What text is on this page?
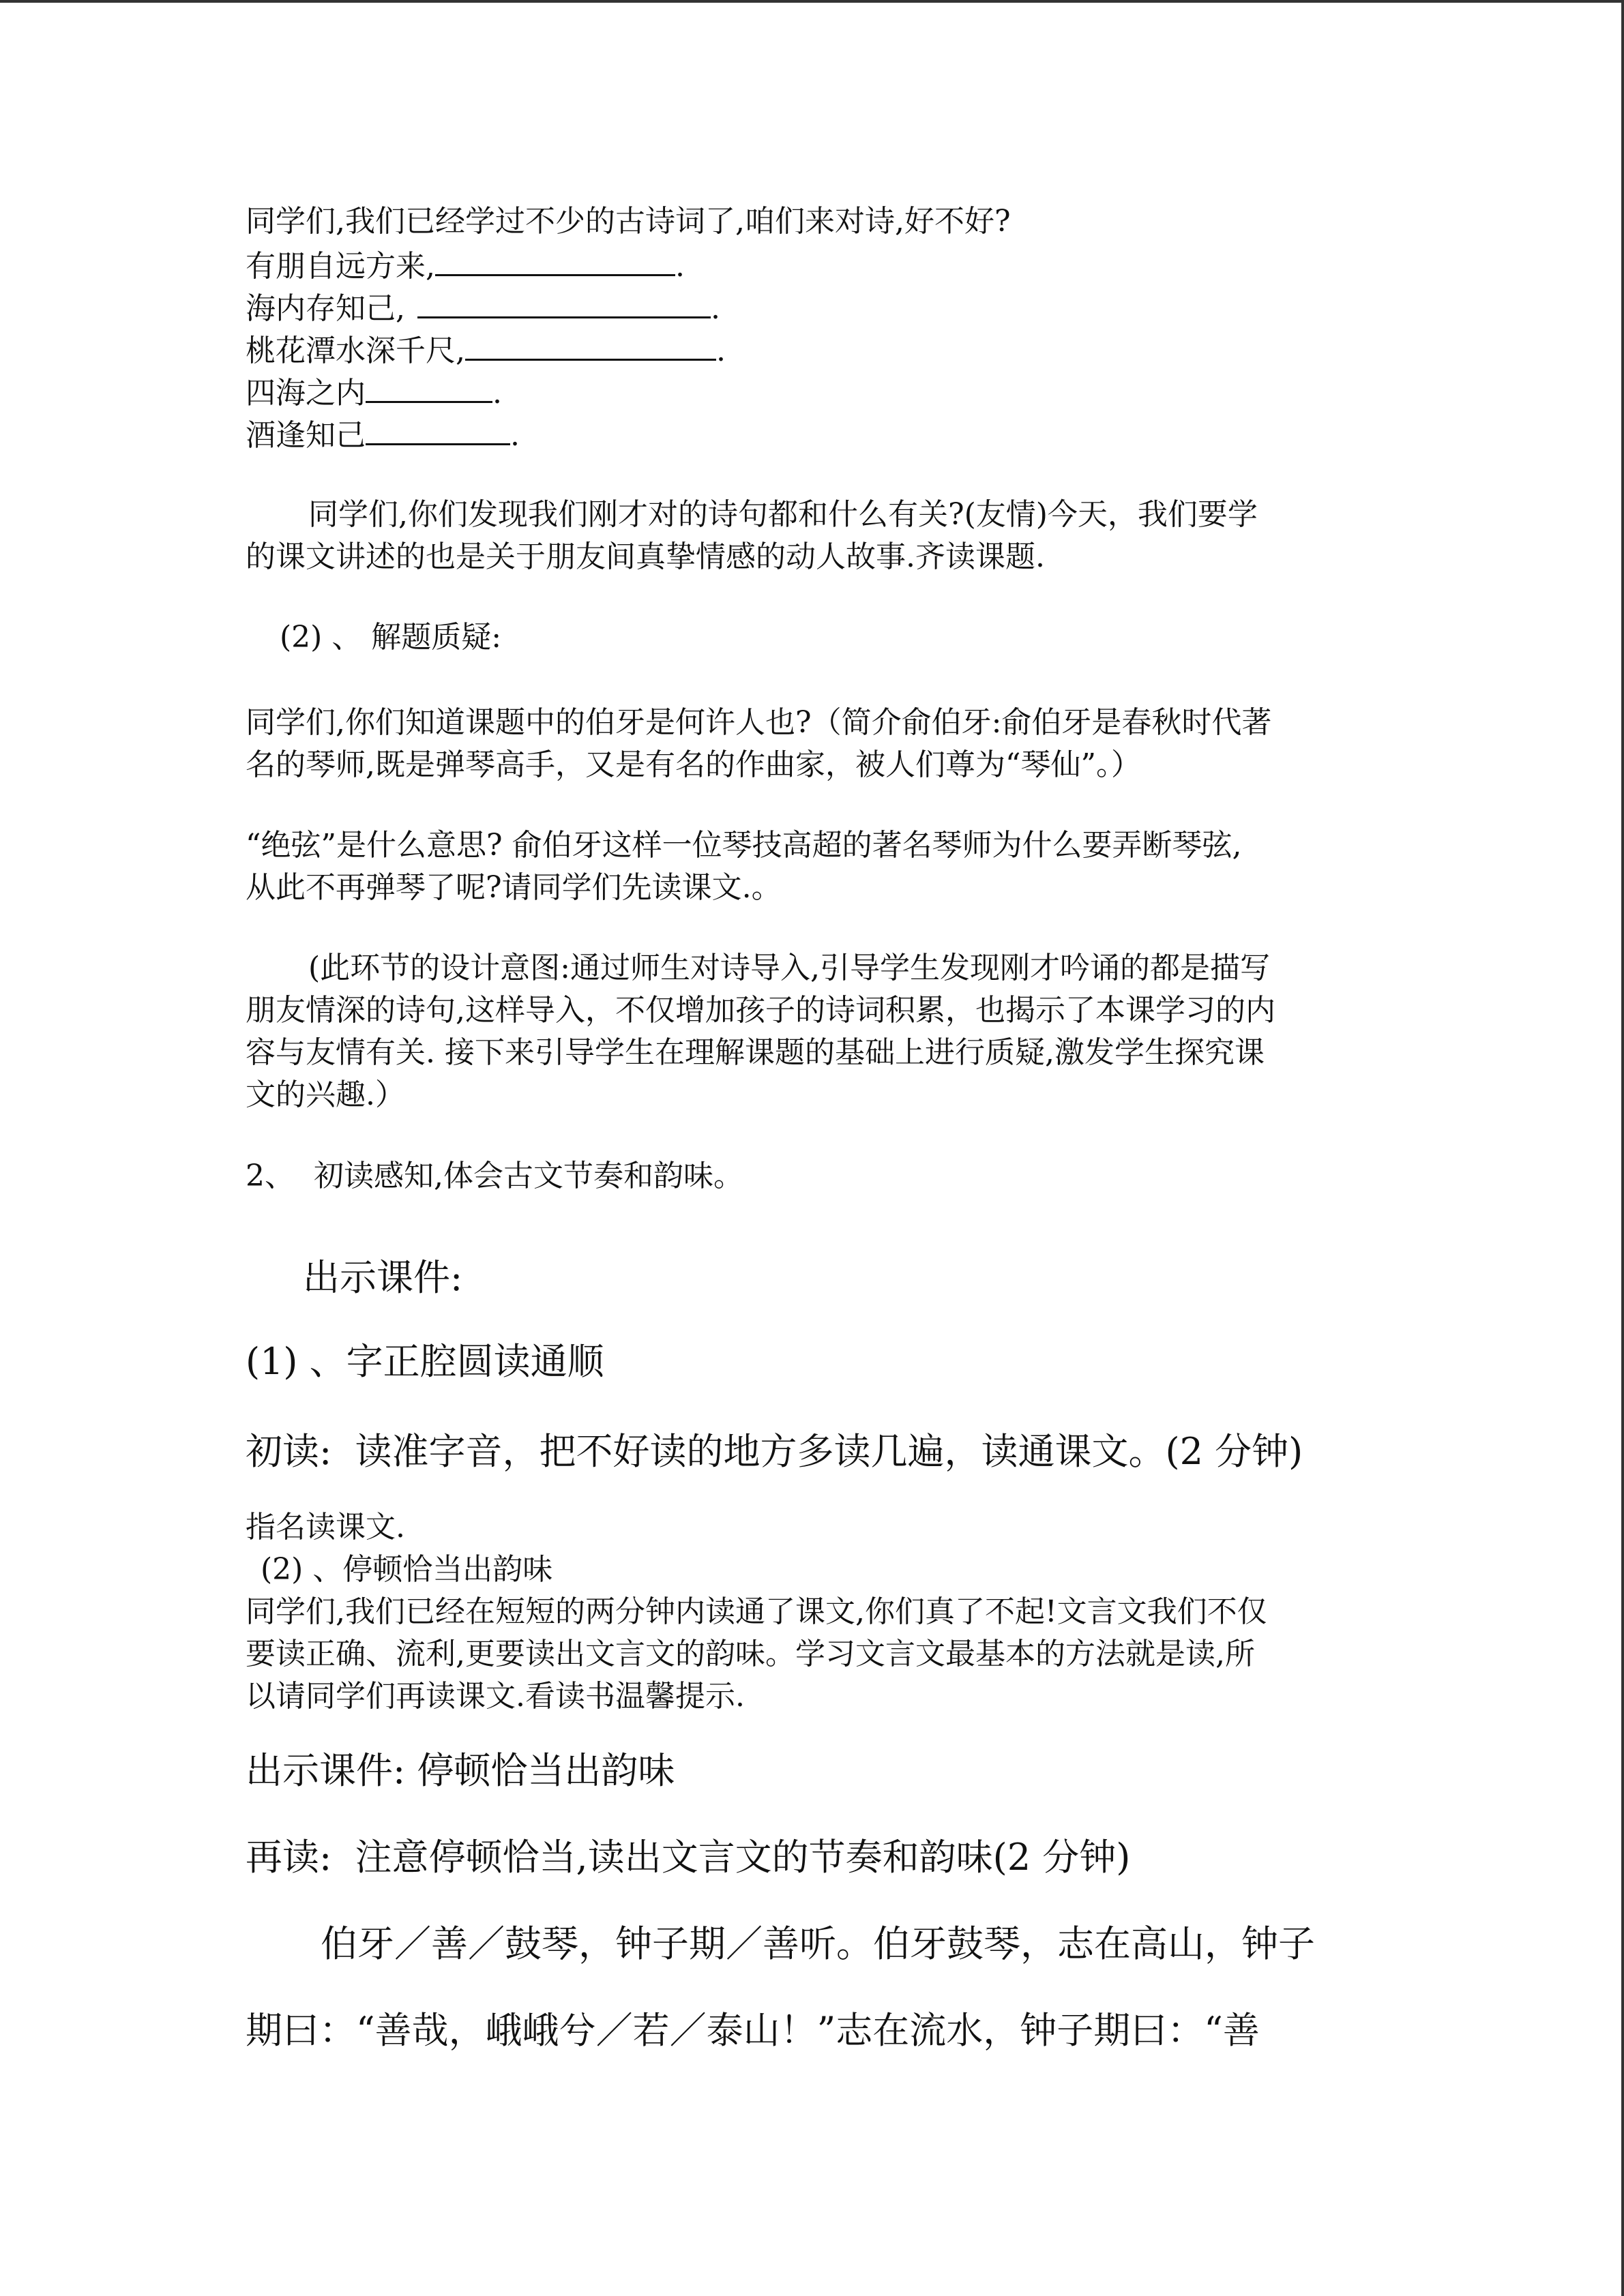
同学们,我们已经学过不少的古诗词了,咱们来对诗,好不好?
有朋自远方来,	.
海内存知己,	.
桃花潭水深千尺,	.
四海之内	.
酒逢知己	.
同学们,你们发现我们刚才对的诗句都和什么有关?(友情)今天，我们要学
的课文讲述的也是关于朋友间真挚情感的动人故事.齐读课题.
(2) 、 解题质疑:
同学们,你们知道课题中的伯牙是何许人也?（简介俞伯牙:俞伯牙是春秋时代著
名的琴师,既是弹琴高手，又是有名的作曲家，被人们尊为“琴仙”。）
“绝弦”是什么意思? 俞伯牙这样一位琴技高超的著名琴师为什么要弄断琴弦,
从此不再弹琴了呢?请同学们先读课文.。
(此环节的设计意图:通过师生对诗导入,引导学生发现刚才吟诵的都是描写
朋友情深的诗句,这样导入，不仅增加孩子的诗词积累，也揭示了本课学习的内
容与友情有关. 接下来引导学生在理解课题的基础上进行质疑,激发学生探究课
文的兴趣.）
2、  初读感知,体会古文节奏和韵味。
出示课件:
(1) 、字正腔圆读通顺
初读:  读准字音，把不好读的地方多读几遍，读通课文。(2 分钟)
指名读课文.
(2) 、停顿恰当出韵味
同学们,我们已经在短短的两分钟内读通了课文,你们真了不起!文言文我们不仅
要读正确、流利,更要读出文言文的韵味。学习文言文最基本的方法就是读,所
以请同学们再读课文.看读书温馨提示.
出示课件: 停顿恰当出韵味
再读:  注意停顿恰当,读出文言文的节奏和韵味(2 分钟)
伯牙／善／鼓琴，钟子期／善听。伯牙鼓琴，志在高山，钟子
期曰：“善哉，峨峨兮／若／泰山！”志在流水，钟子期曰：“善
